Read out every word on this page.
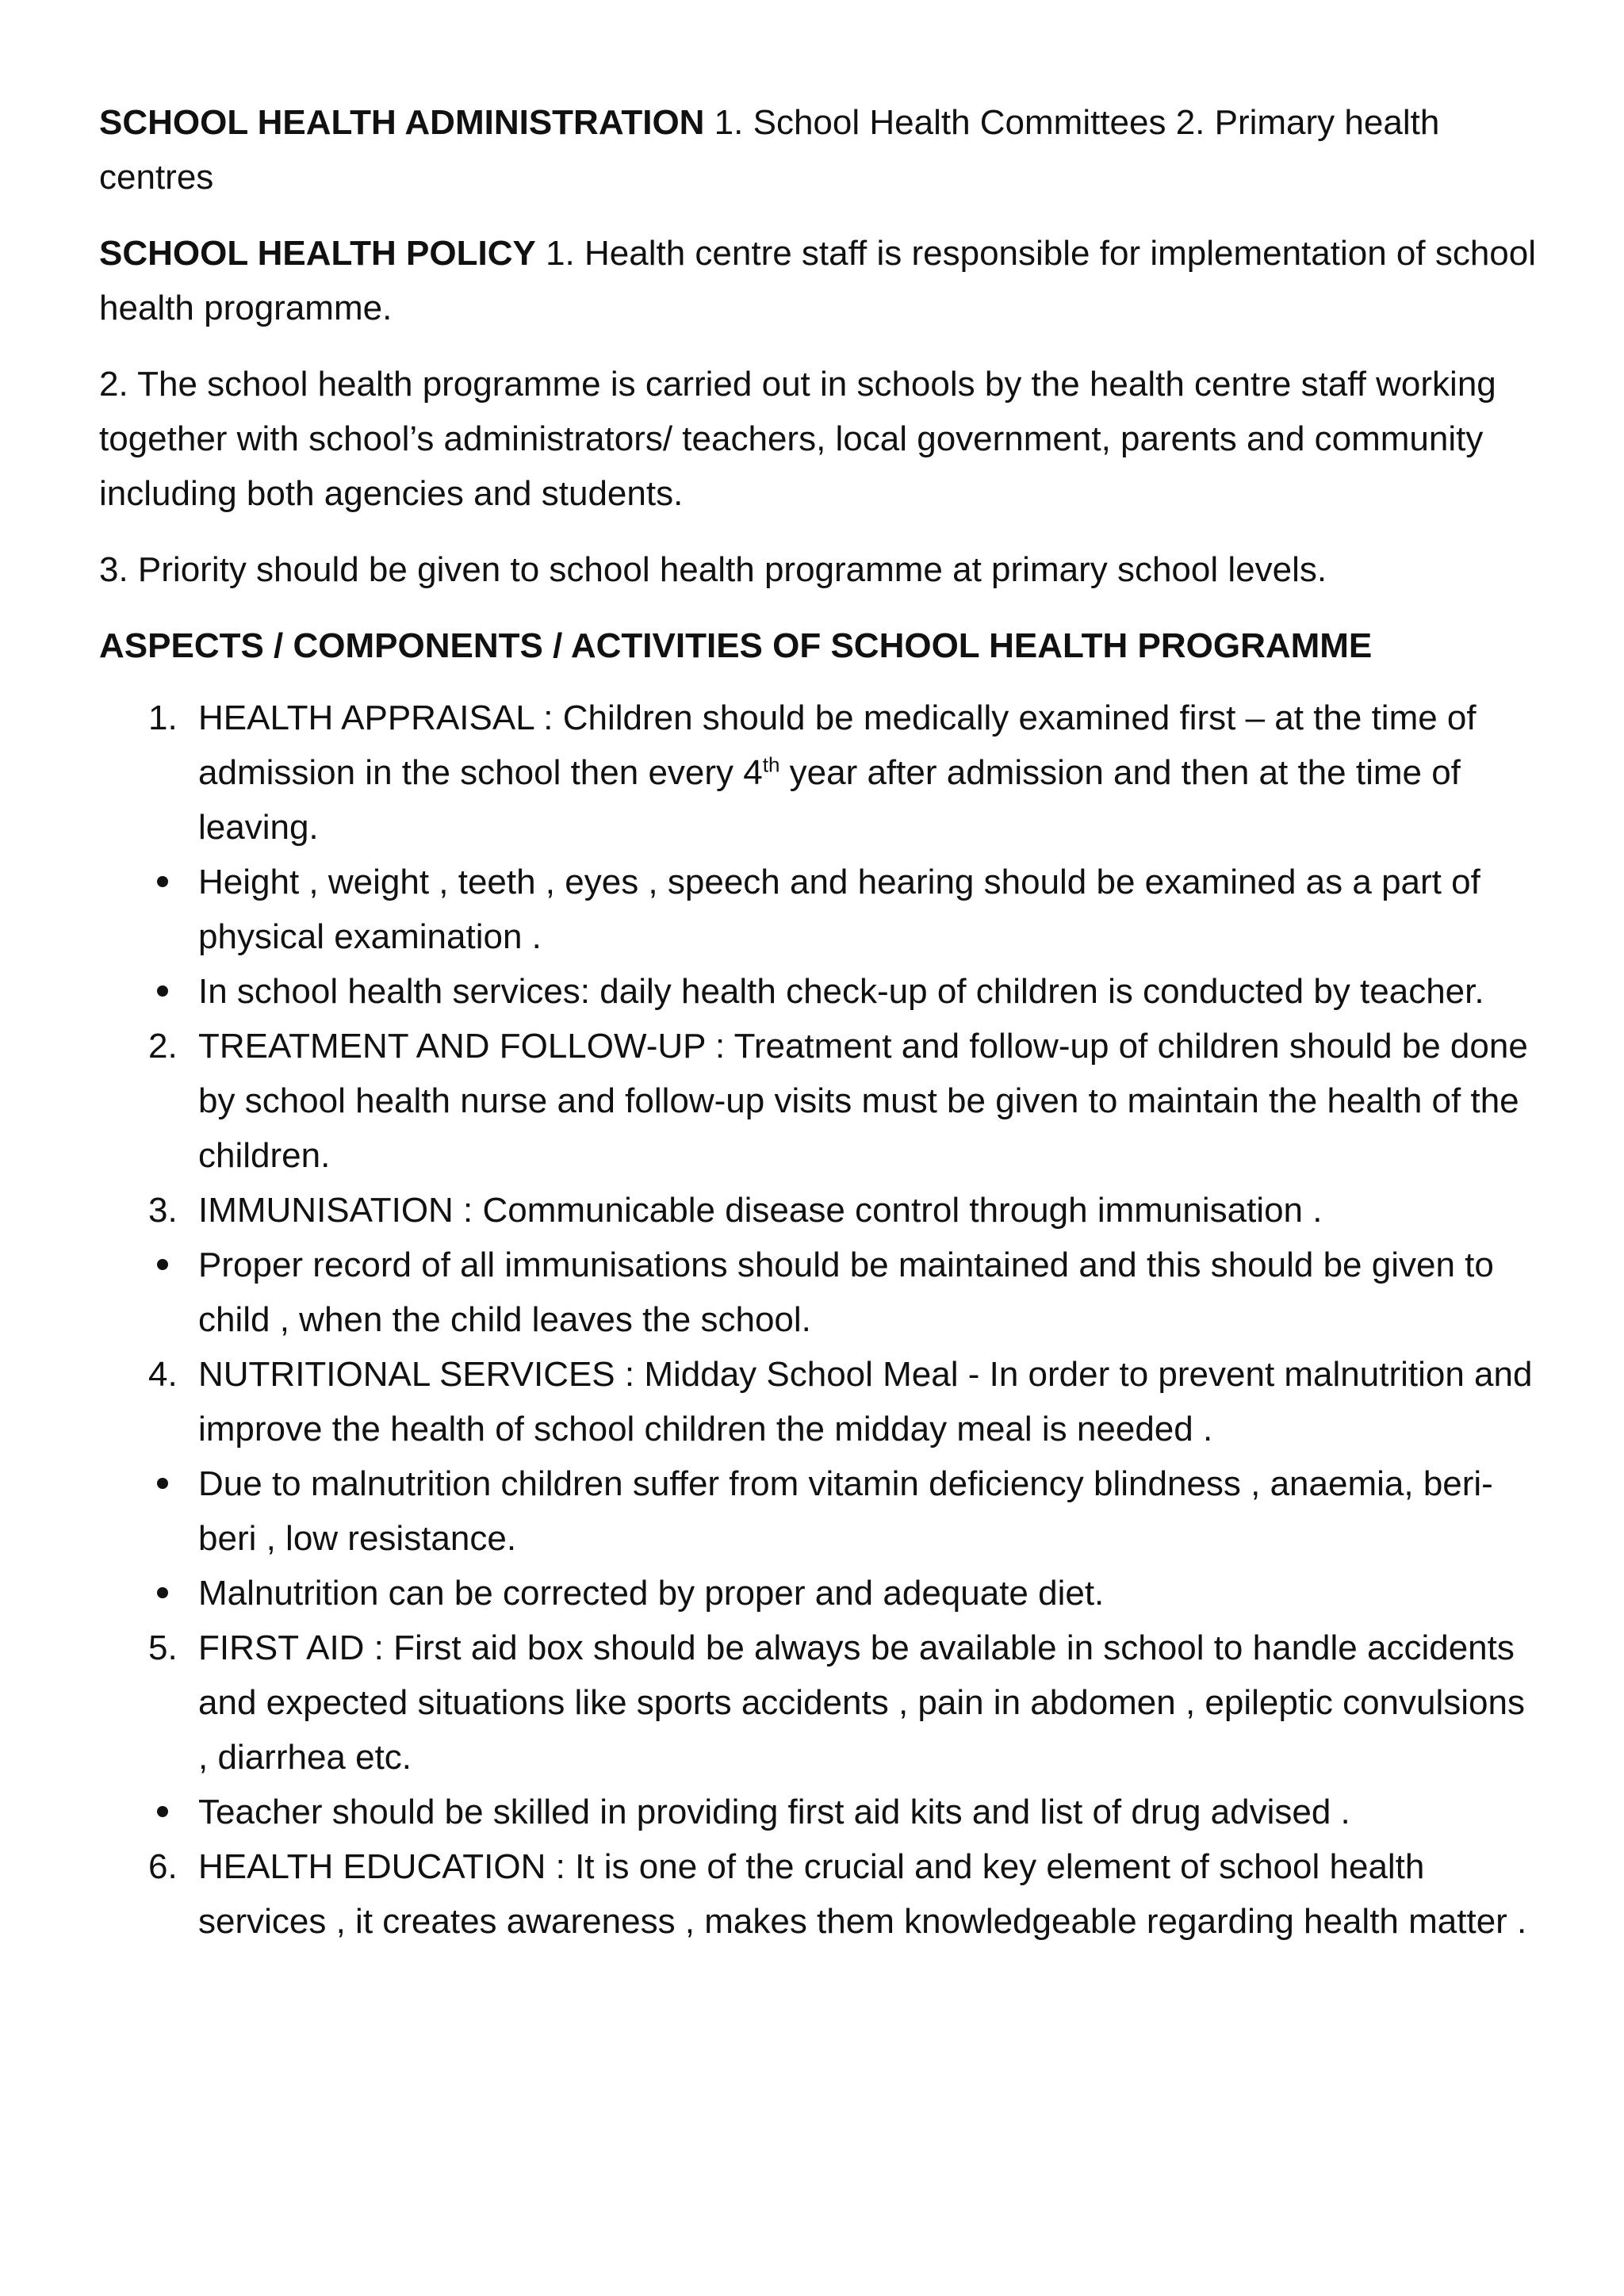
SCHOOL HEALTH ADMINISTRATION 1. School Health Committees 2. Primary health centres

SCHOOL HEALTH POLICY 1. Health centre staff is responsible for implementation of school health programme.

2. The school health programme is carried out in schools by the health centre staff working together with school’s administrators/ teachers, local government, parents and community including both agencies and students.

3. Priority should be given to school health programme at primary school levels.

ASPECTS / COMPONENTS / ACTIVITIES OF SCHOOL HEALTH PROGRAMME

1. HEALTH APPRAISAL : Children should be medically examined first – at the time of admission in the school then every 4th year after admission and then at the time of leaving.
Height , weight , teeth , eyes , speech and hearing should be examined as a part of physical examination .
In school health services: daily health check-up of children is conducted by teacher.
2. TREATMENT AND FOLLOW-UP : Treatment and follow-up of children should be done by school health nurse and follow-up visits must be given to maintain the health of the children.
3. IMMUNISATION : Communicable disease control through immunisation .
Proper record of all immunisations should be maintained and this should be given to child , when the child leaves the school.
4. NUTRITIONAL SERVICES : Midday School Meal - In order to prevent malnutrition and improve the health of school children the midday meal is needed .
Due to malnutrition children suffer from vitamin deficiency blindness , anaemia, beri-beri , low resistance.
Malnutrition can be corrected by proper and adequate diet.
5. FIRST AID : First aid box should be always be available in school to handle accidents and expected situations like sports accidents , pain in abdomen , epileptic convulsions , diarrhea etc.
Teacher should be skilled in providing first aid kits and list of drug advised .
6. HEALTH EDUCATION : It is one of the crucial and key element of school health services , it creates awareness , makes them knowledgeable regarding health matter .
